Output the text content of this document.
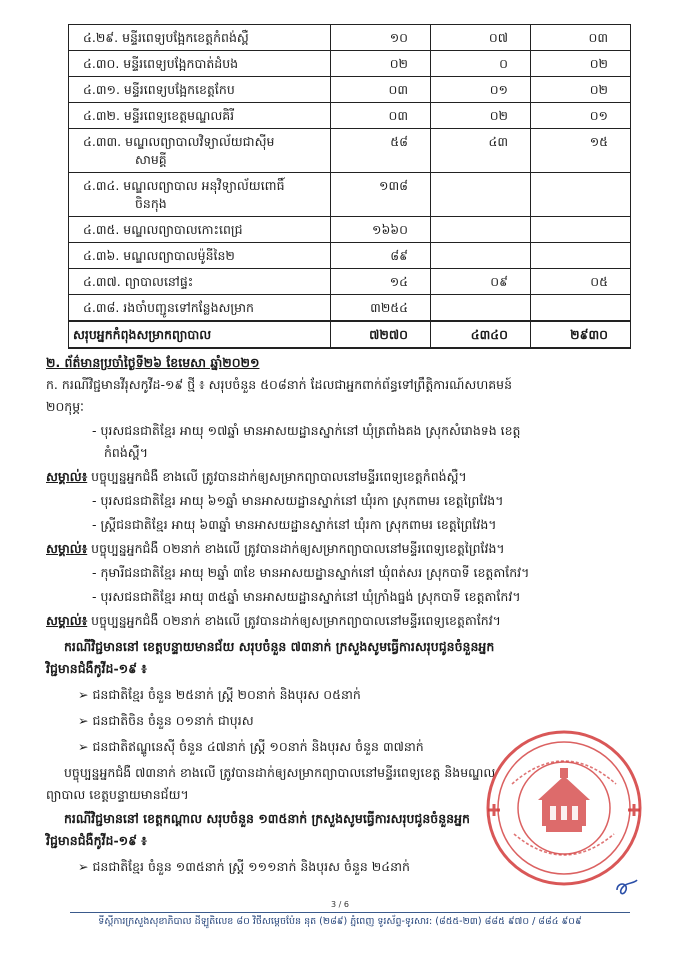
៤.២៩. មន្ទីរពេទ្យបង្អែកខេត្តកំពង់ស្ពឺ	១០	០៧	០៣

៤.៣០. មន្ទីរពេទ្យបង្អែកបាត់ដំបង	០២	០	០២

៤.៣១. មន្ទីរពេទ្យបង្អែកខេត្តកែប	០៣	០១	០២

៤.៣២. មន្ទីរពេទ្យខេត្តមណ្ឌលគិរី	០៣	០២	០១

៤.៣៣. មណ្ឌលព្យាបាលវិទ្យាល័យជាស៊ីម
សាមគ្គី	៥៨	៤៣	១៥

៤.៣៤. មណ្ឌលព្យាបាល អនុវិទ្យាល័យពោធិ៍
ចិនកុង	១៣៨		

៤.៣៥. មណ្ឌលព្យាបាលកោះពេជ្រ	១៦៦០		

៤.៣៦. មណ្ឌលព្យាបាលម៉ូនីនៃ២	៨៩		

៤.៣៧. ព្យាបាលនៅផ្ទះ	១៤	០៩	០៥

៤.៣៨. រងចាំបញ្ជូនទៅកន្លែងសម្រាក	៣២៥៤		
សរុបអ្នកកំពុងសម្រាកព្យាបាល	៧២៧០	៤៣៤០	២៩៣០
២. ព័ត៌មានប្រចាំថ្ងៃទី២៦ ខែមេសា ឆ្នាំ២០២១
ក. ករណីវិជ្ជមានវីរុសកូវីដ-១៩ ថ្មី ៖ សរុបចំនួន ៥០៨នាក់ ដែលជាអ្នកពាក់ព័ន្ធទៅព្រឹត្តិការណ៍សហគមន៍
២០កុម្ភៈ
- បុរសជនជាតិខ្មែរ អាយុ ១៧ឆ្នាំ មានអាសយដ្ឋានស្នាក់នៅ ឃុំត្រពាំងគង ស្រុកសំរោងទង ខេត្ត
កំពង់ស្ពឺ។
សម្គាល់៖ បច្ចុប្បន្នអ្នកជំងឺ ខាងលើ ត្រូវបានដាក់ឲ្យសម្រាកព្យាបាលនៅមន្ទីរពេទ្យខេត្តកំពង់ស្ពឺ។
- បុរសជនជាតិខ្មែរ អាយុ ៦១ឆ្នាំ មានអាសយដ្ឋានស្នាក់នៅ ឃុំរកា ស្រុកពាមរ ខេត្តព្រៃវែង។
- ស្ត្រីជនជាតិខ្មែរ អាយុ ៦៣ឆ្នាំ មានអាសយដ្ឋានស្នាក់នៅ ឃុំរកា ស្រុកពាមរ ខេត្តព្រៃវែង។
សម្គាល់៖ បច្ចុប្បន្នអ្នកជំងឺ ០២នាក់ ខាងលើ ត្រូវបានដាក់ឲ្យសម្រាកព្យាបាលនៅមន្ទីរពេទ្យខេត្តព្រៃវែង។
- កុមារីជនជាតិខ្មែរ អាយុ ២ឆ្នាំ ៣ខែ មានអាសយដ្ឋានស្នាក់នៅ ឃុំពត់សរ ស្រុកបាទី ខេត្តតាកែវ។
- បុរសជនជាតិខ្មែរ អាយុ ៣៥ឆ្នាំ មានអាសយដ្ឋានស្នាក់នៅ ឃុំក្រាំងធ្នង់ ស្រុកបាទី ខេត្តតាកែវ។
សម្គាល់៖ បច្ចុប្បន្នអ្នកជំងឺ ០២នាក់ ខាងលើ ត្រូវបានដាក់ឲ្យសម្រាកព្យាបាលនៅមន្ទីរពេទ្យខេត្តតាកែវ។
ករណីវិជ្ជមាននៅ ខេត្តបន្ទាយមានជ័យ សរុបចំនួន ៧៣នាក់ ក្រសួងសូមធ្វើការសរុបជូនចំនួនអ្នក
វិជ្ជមានជំងឺកូវីដ-១៩ ៖
➢ ជនជាតិខ្មែរ ចំនួន ២៥នាក់ ស្ត្រី ២០នាក់ និងបុរស ០៥នាក់
➢ ជនជាតិចិន ចំនួន ០១នាក់ ជាបុរស
➢ ជនជាតិឥណ្ឌូនេស៊ី ចំនួន ៤៧នាក់ ស្ត្រី ១០នាក់ និងបុរស ចំនួន ៣៧នាក់
បច្ចុប្បន្នអ្នកជំងឺ ៧៣នាក់ ខាងលើ ត្រូវបានដាក់ឲ្យសម្រាកព្យាបាលនៅមន្ទីរពេទ្យខេត្ត និងមណ្ឌល
ព្យាបាល ខេត្តបន្ទាយមានជ័យ។
ករណីវិជ្ជមាននៅ ខេត្តកណ្ដាល សរុបចំនួន ១៣៥នាក់ ក្រសួងសូមធ្វើការសរុបជូនចំនួនអ្នក
វិជ្ជមានជំងឺកូវីដ-១៩ ៖
➢ ជនជាតិខ្មែរ ចំនួន ១៣៥នាក់ ស្ត្រី ១១១នាក់ និងបុរស ចំនួន ២៤នាក់
3 / 6
ទីស្តីការក្រសួងសុខាភិបាល ដីឡូតិលេខ ៨០ វិថីសម្ដេចប៉ែន នុត (២៨៩) ភ្នំពេញ ទូរស័ព្ទ-ទូរសារ: (៨៥៥-២៣) ៨៨៥ ៩៧០ / ៨៨៤ ៩០៩
